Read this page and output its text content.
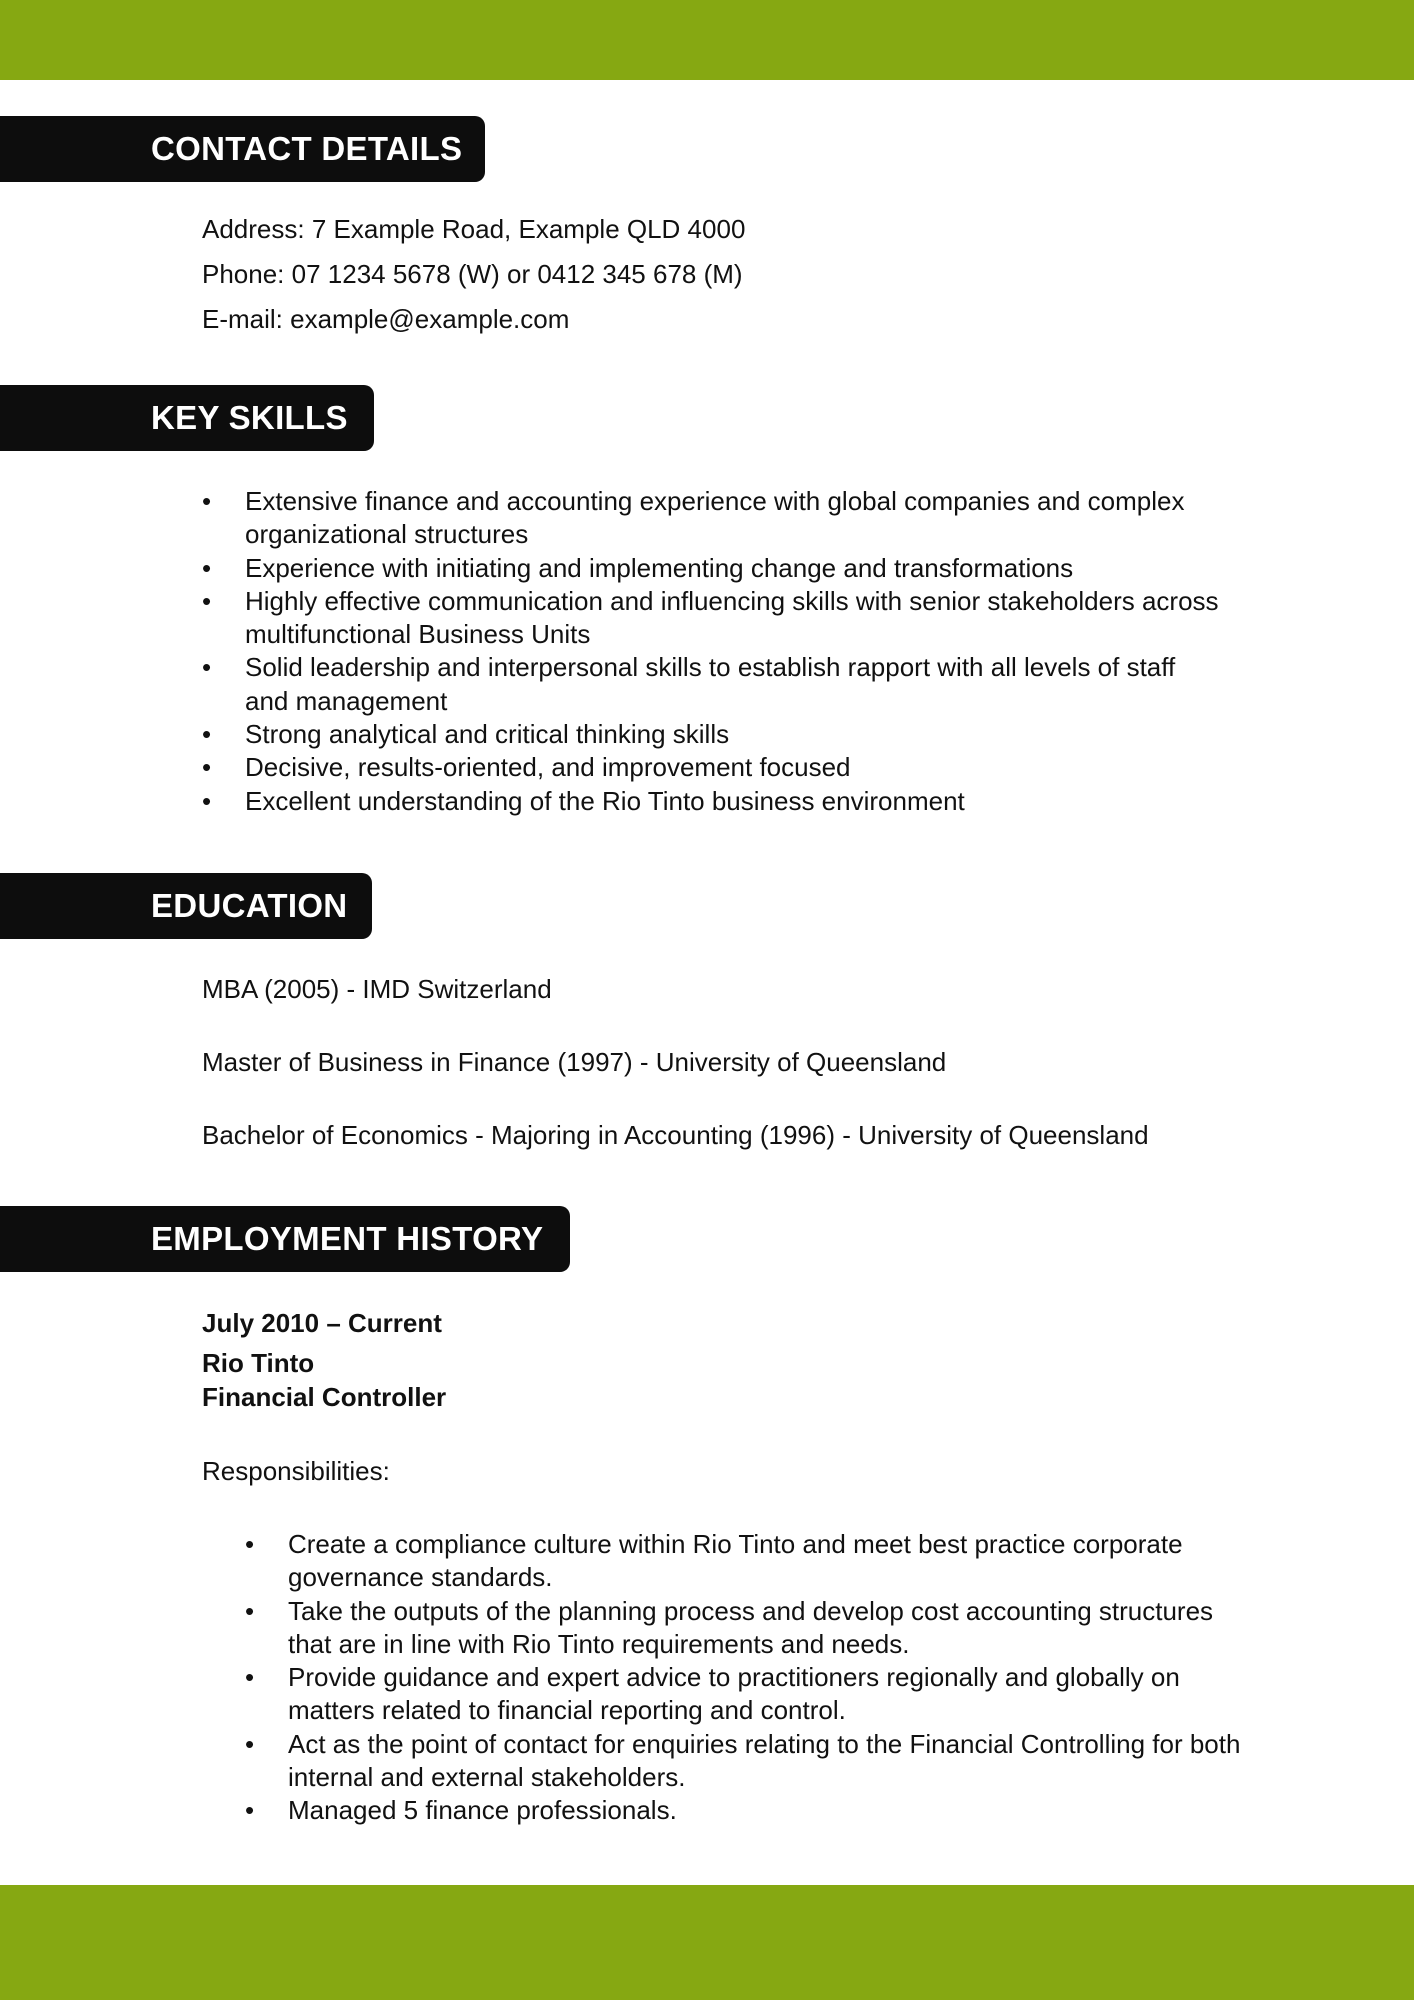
CONTACT DETAILS
Address: 7 Example Road, Example QLD 4000
Phone: 07 1234 5678 (W) or 0412 345 678 (M)
E-mail: example@example.com
KEY SKILLS
• Extensive finance and accounting experience with global companies and complex organizational structures
• Experience with initiating and implementing change and transformations
• Highly effective communication and influencing skills with senior stakeholders across multifunctional Business Units
• Solid leadership and interpersonal skills to establish rapport with all levels of staff and management
• Strong analytical and critical thinking skills
• Decisive, results-oriented, and improvement focused
• Excellent understanding of the Rio Tinto business environment
EDUCATION
MBA (2005) - IMD Switzerland
Master of Business in Finance (1997) - University of Queensland
Bachelor of Economics - Majoring in Accounting (1996) - University of Queensland
EMPLOYMENT HISTORY
July 2010 – Current
Rio Tinto
Financial Controller
Responsibilities:
• Create a compliance culture within Rio Tinto and meet best practice corporate governance standards.
• Take the outputs of the planning process and develop cost accounting structures that are in line with Rio Tinto requirements and needs.
• Provide guidance and expert advice to practitioners regionally and globally on matters related to financial reporting and control.
• Act as the point of contact for enquiries relating to the Financial Controlling for both internal and external stakeholders.
• Managed 5 finance professionals.
